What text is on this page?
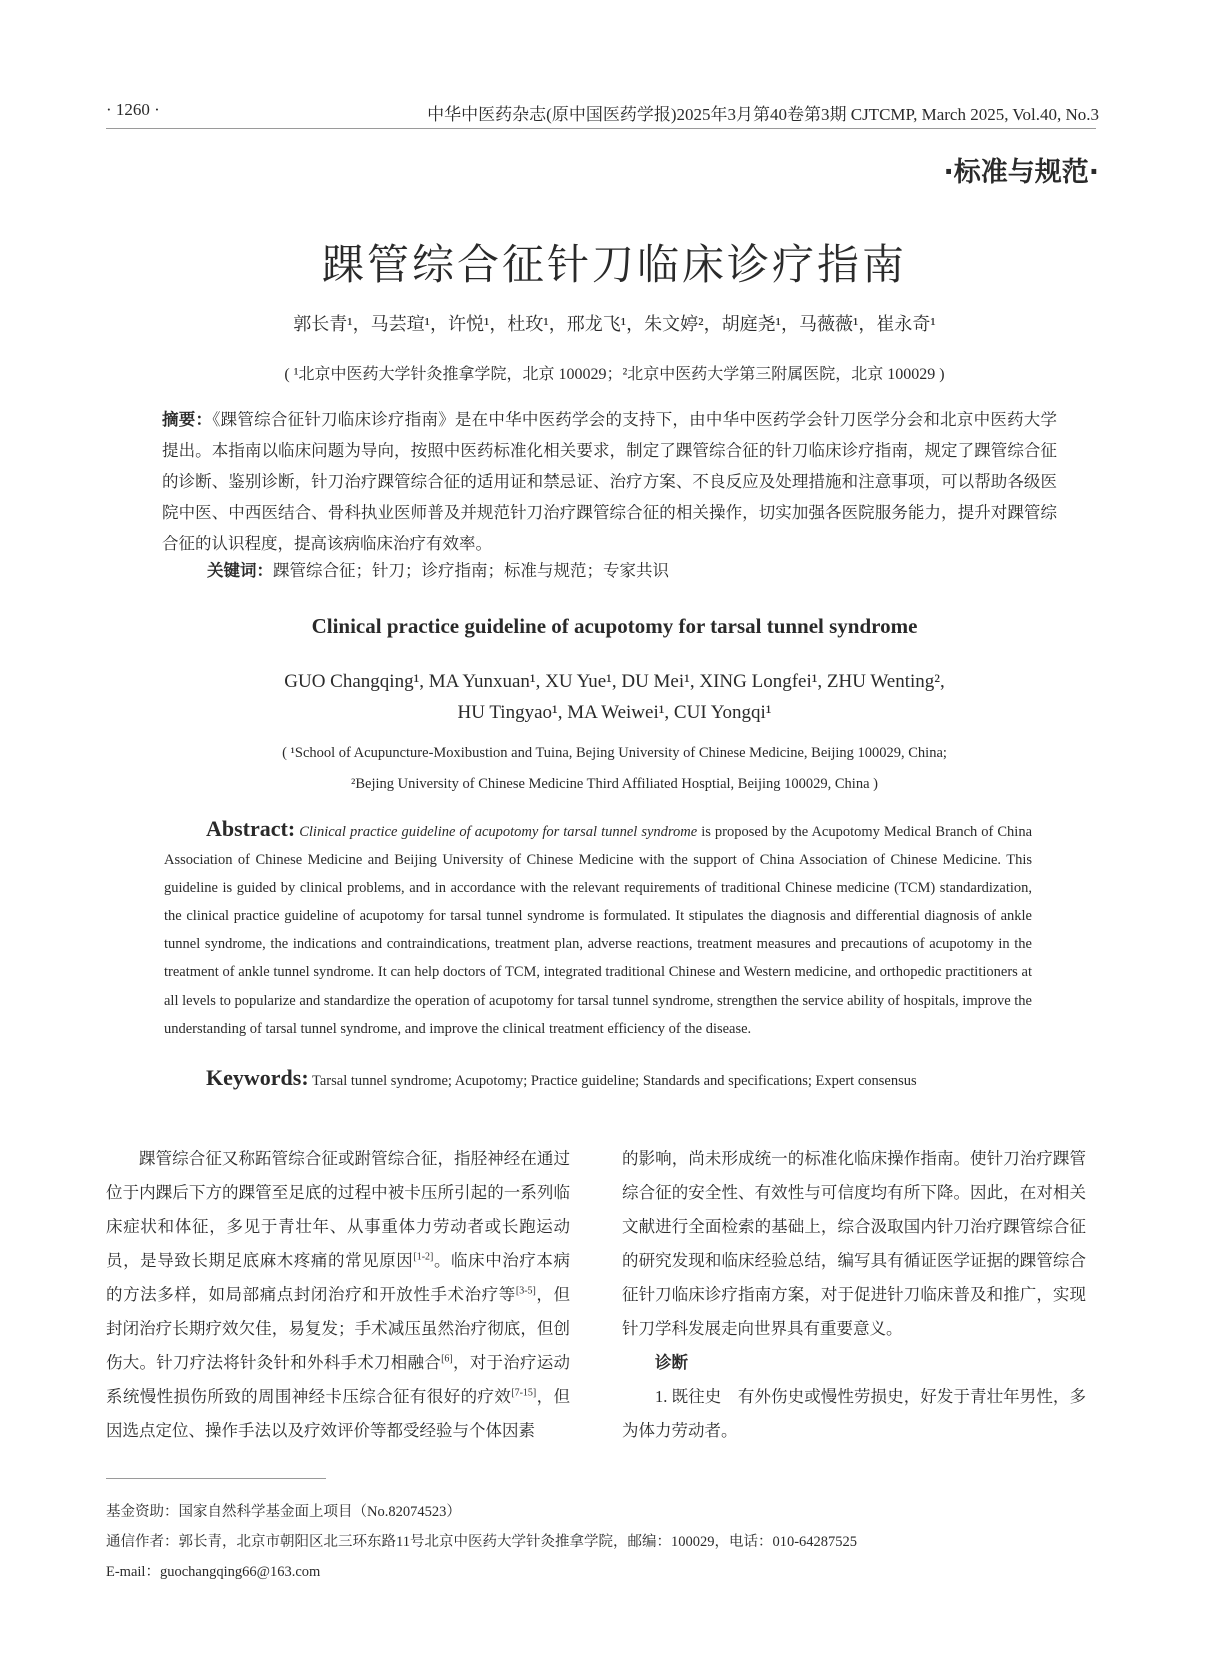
· 1260 ·	中华中医药杂志(原中国医药学报)2025年3月第40卷第3期 CJTCMP, March 2025, Vol.40, No.3
·标准与规范·
踝管综合征针刀临床诊疗指南
郭长青¹，马芸瑄¹，许悦¹，杜玫¹，邢龙飞¹，朱文婷²，胡庭尧¹，马薇薇¹，崔永奇¹
( ¹北京中医药大学针灸推拿学院，北京 100029；²北京中医药大学第三附属医院，北京 100029 )
摘要：《踝管综合征针刀临床诊疗指南》是在中华中医药学会的支持下，由中华中医药学会针刀医学分会和北京中医药大学提出。本指南以临床问题为导向，按照中医药标准化相关要求，制定了踝管综合征的针刀临床诊疗指南，规定了踝管综合征的诊断、鉴别诊断，针刀治疗踝管综合征的适用证和禁忌证、治疗方案、不良反应及处理措施和注意事项，可以帮助各级医院中医、中西医结合、骨科执业医师普及并规范针刀治疗踝管综合征的相关操作，切实加强各医院服务能力，提升对踝管综合征的认识程度，提高该病临床治疗有效率。
关键词：踝管综合征；针刀；诊疗指南；标准与规范；专家共识
Clinical practice guideline of acupotomy for tarsal tunnel syndrome
GUO Changqing¹, MA Yunxuan¹, XU Yue¹, DU Mei¹, XING Longfei¹, ZHU Wenting²,
HU Tingyao¹, MA Weiwei¹, CUI Yongqi¹
( ¹School of Acupuncture-Moxibustion and Tuina, Bejing University of Chinese Medicine, Beijing 100029, China;
²Bejing University of Chinese Medicine Third Affiliated Hosptial, Beijing 100029, China )
Abstract: Clinical practice guideline of acupotomy for tarsal tunnel syndrome is proposed by the Acupotomy Medical Branch of China Association of Chinese Medicine and Beijing University of Chinese Medicine with the support of China Association of Chinese Medicine. This guideline is guided by clinical problems, and in accordance with the relevant requirements of traditional Chinese medicine (TCM) standardization, the clinical practice guideline of acupotomy for tarsal tunnel syndrome is formulated. It stipulates the diagnosis and differential diagnosis of ankle tunnel syndrome, the indications and contraindications, treatment plan, adverse reactions, treatment measures and precautions of acupotomy in the treatment of ankle tunnel syndrome. It can help doctors of TCM, integrated traditional Chinese and Western medicine, and orthopedic practitioners at all levels to popularize and standardize the operation of acupotomy for tarsal tunnel syndrome, strengthen the service ability of hospitals, improve the understanding of tarsal tunnel syndrome, and improve the clinical treatment efficiency of the disease.
Keywords: Tarsal tunnel syndrome; Acupotomy; Practice guideline; Standards and specifications; Expert consensus
踝管综合征又称跖管综合征或跗管综合征，指胫神经在通过位于内踝后下方的踝管至足底的过程中被卡压所引起的一系列临床症状和体征，多见于青壮年、从事重体力劳动者或长跑运动员，是导致长期足底麻木疼痛的常见原因[1-2]。临床中治疗本病的方法多样，如局部痛点封闭治疗和开放性手术治疗等[3-5]，但封闭治疗长期疗效欠佳，易复发；手术减压虽然治疗彻底，但创伤大。针刀疗法将针灸针和外科手术刀相融合[6]，对于治疗运动系统慢性损伤所致的周围神经卡压综合征有很好的疗效[7-15]，但因选点定位、操作手法以及疗效评价等都受经验与个体因素
的影响，尚未形成统一的标准化临床操作指南。使针刀治疗踝管综合征的安全性、有效性与可信度均有所下降。因此，在对相关文献进行全面检索的基础上，综合汲取国内针刀治疗踝管综合征的研究发现和临床经验总结，编写具有循证医学证据的踝管综合征针刀临床诊疗指南方案，对于促进针刀临床普及和推广，实现针刀学科发展走向世界具有重要意义。
诊断
1. 既往史　有外伤史或慢性劳损史，好发于青壮年男性，多为体力劳动者。
基金资助：国家自然科学基金面上项目（No.82074523）
通信作者：郭长青，北京市朝阳区北三环东路11号北京中医药大学针灸推拿学院，邮编：100029，电话：010-64287525
E-mail：guochangqing66@163.com
